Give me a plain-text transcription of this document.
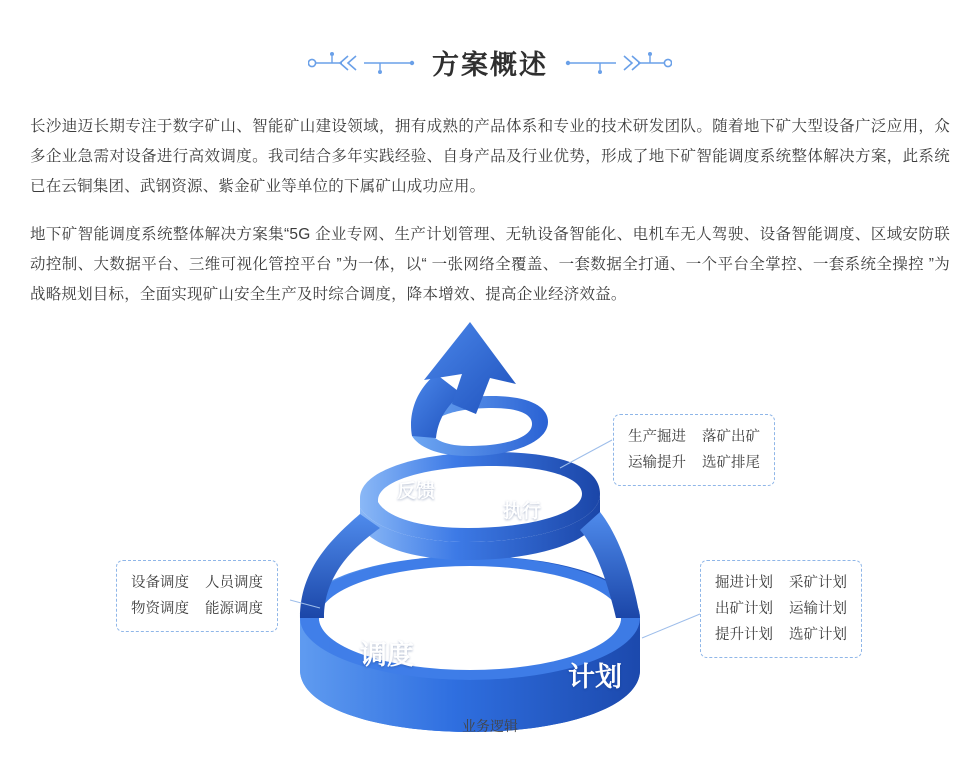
方案概述

长沙迪迈长期专注于数字矿山、智能矿山建设领域，拥有成熟的产品体系和专业的技术研发团队。随着地下矿大型设备广泛应用，众多企业急需对设备进行高效调度。我司结合多年实践经验、自身产品及行业优势，形成了地下矿智能调度系统整体解决方案，此系统已在云铜集团、武钢资源、紫金矿业等单位的下属矿山成功应用。

地下矿智能调度系统整体解决方案集“5G 企业专网、生产计划管理、无轨设备智能化、电机车无人驾驶、设备智能调度、区域安防联动控制、大数据平台、三维可视化管控平台 ”为一体，以“ 一张网络全覆盖、一套数据全打通、一个平台全掌控、一套系统全操控 ”为战略规划目标，全面实现矿山安全生产及时综合调度，降本增效、提高企业经济效益。

反馈
执行
调度
计划
生产掘进 落矿出矿
运输提升 选矿排尾
设备调度 人员调度
物资调度 能源调度
掘进计划 采矿计划
出矿计划 运输计划
提升计划 选矿计划
业务逻辑
